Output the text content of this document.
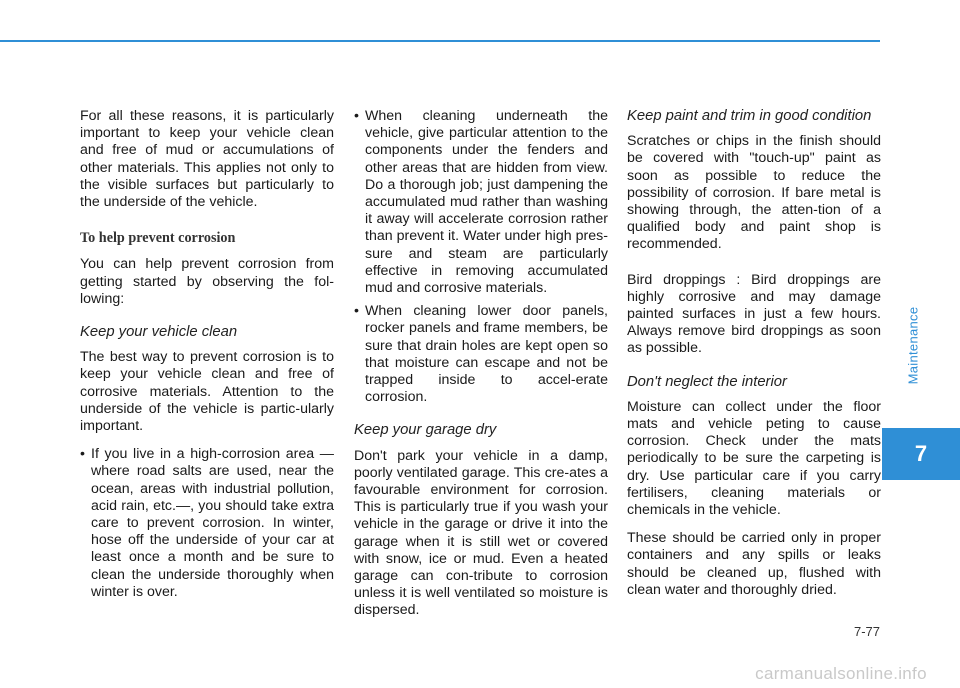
For all these reasons, it is particularly important to keep your vehicle clean and free of mud or accumulations of other materials. This applies not only to the visible surfaces but particularly to the underside of the vehicle.

To help prevent corrosion

You can help prevent corrosion from getting started by observing the fol-lowing:

Keep your vehicle clean

The best way to prevent corrosion is to keep your vehicle clean and free of corrosive materials. Attention to the underside of the vehicle is partic-ularly important.

• If you live in a high-corrosion area — where road salts are used, near the ocean, areas with industrial pollution, acid rain, etc.—, you should take extra care to prevent corrosion. In winter, hose off the underside of your car at least once a month and be sure to clean the underside thoroughly when winter is over.
• When cleaning underneath the vehicle, give particular attention to the components under the fenders and other areas that are hidden from view. Do a thorough job; just dampening the accumulated mud rather than washing it away will accelerate corrosion rather than prevent it. Water under high pres-sure and steam are particularly effective in removing accumulated mud and corrosive materials.
• When cleaning lower door panels, rocker panels and frame members, be sure that drain holes are kept open so that moisture can escape and not be trapped inside to accel-erate corrosion.
Keep your garage dry

Don't park your vehicle in a damp, poorly ventilated garage. This cre-ates a favourable environment for corrosion. This is particularly true if you wash your vehicle in the garage or drive it into the garage when it is still wet or covered with snow, ice or mud. Even a heated garage can con-tribute to corrosion unless it is well ventilated so moisture is dispersed.

Keep paint and trim in good condition

Scratches or chips in the finish should be covered with "touch-up" paint as soon as possible to reduce the possibility of corrosion. If bare metal is showing through, the atten-tion of a qualified body and paint shop is recommended.

Bird droppings : Bird droppings are highly corrosive and may damage painted surfaces in just a few hours. Always remove bird droppings as soon as possible.

Don't neglect the interior

Moisture can collect under the floor mats and vehicle peting to cause corrosion. Check under the mats periodically to be sure the carpeting is dry. Use particular care if you carry fertilisers, cleaning materials or chemicals in the vehicle.

These should be carried only in proper containers and any spills or leaks should be cleaned up, flushed with clean water and thoroughly dried.

Maintenance
7
7-77
carmanualsonline.info
